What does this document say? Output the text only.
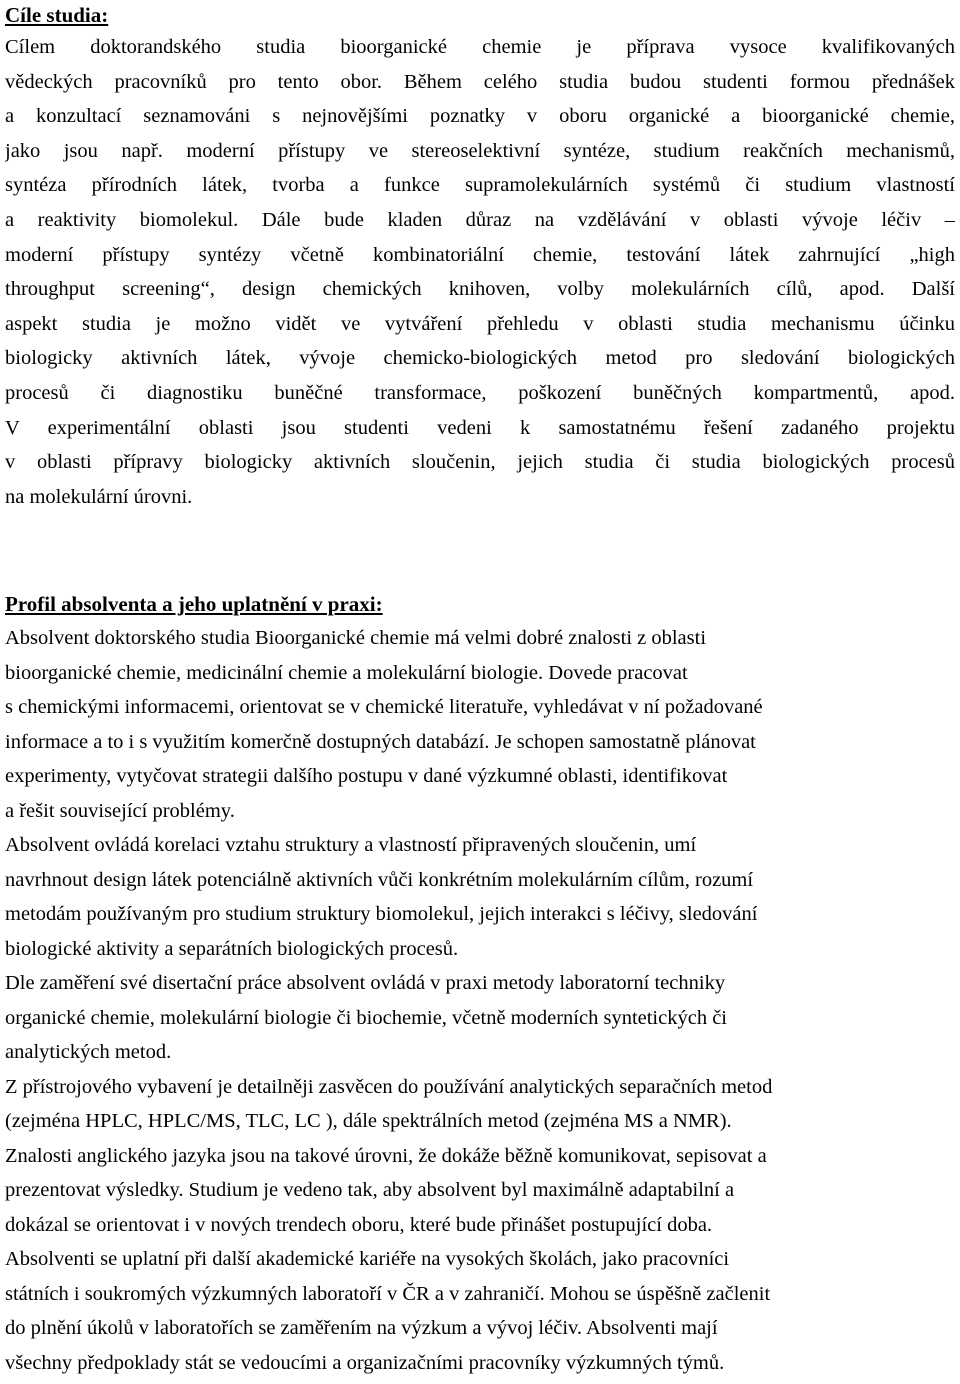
Cíle studia:

Cílem doktorandského studia bioorganické chemie je příprava vysoce kvalifikovaných

vědeckých pracovníků pro tento obor. Během celého studia budou studenti formou přednášek

a konzultací seznamováni s nejnovějšími poznatky v oboru organické a bioorganické chemie,

jako jsou např. moderní přístupy ve stereoselektivní syntéze, studium reakčních mechanismů,

syntéza přírodních látek, tvorba a funkce supramolekulárních systémů či studium vlastností

a reaktivity biomolekul. Dále bude kladen důraz na vzdělávání v oblasti vývoje léčiv –

moderní přístupy syntézy včetně kombinatoriální chemie, testování látek zahrnující „high

throughput screening“, design chemických knihoven, volby molekulárních cílů, apod. Další

aspekt studia je možno vidět ve vytváření přehledu v oblasti studia mechanismu účinku

biologicky aktivních látek, vývoje chemicko-biologických metod pro sledování biologických

procesů či diagnostiku buněčné transformace, poškození buněčných kompartmentů, apod.

V experimentální oblasti jsou studenti vedeni k samostatnému řešení zadaného projektu

v oblasti přípravy biologicky aktivních sloučenin, jejich studia či studia biologických procesů

na molekulární úrovni.

Profil absolventa a jeho uplatnění v praxi:

Absolvent doktorského studia Bioorganické chemie má velmi dobré znalosti z oblasti

bioorganické chemie, medicinální chemie a molekulární biologie. Dovede pracovat

s chemickými informacemi, orientovat se v chemické literatuře, vyhledávat v ní požadované

informace a to i s využitím komerčně dostupných databází. Je schopen samostatně plánovat

experimenty, vytyčovat strategii dalšího postupu v dané výzkumné oblasti, identifikovat

a řešit související problémy.

Absolvent ovládá korelaci vztahu struktury a vlastností připravených sloučenin, umí

navrhnout design látek potenciálně aktivních vůči konkrétním molekulárním cílům, rozumí

metodám používaným pro studium struktury biomolekul, jejich interakci s léčivy, sledování

biologické aktivity a separátních biologických procesů.

Dle zaměření své disertační práce absolvent ovládá v praxi metody laboratorní techniky

organické chemie, molekulární biologie či biochemie, včetně moderních syntetických či

analytických metod.

Z přístrojového vybavení je detailněji zasvěcen do používání analytických separačních metod

(zejména HPLC, HPLC/MS, TLC, LC ), dále spektrálních metod (zejména MS a NMR).

Znalosti anglického jazyka jsou na takové úrovni, že dokáže běžně komunikovat, sepisovat a

prezentovat výsledky. Studium je vedeno tak, aby absolvent byl maximálně adaptabilní a

dokázal se orientovat i v nových trendech oboru, které bude přinášet postupující doba.

Absolventi se uplatní při další akademické kariéře na vysokých školách, jako pracovníci

státních i soukromých výzkumných laboratoří v ČR a v zahraničí. Mohou se úspěšně začlenit

do plnění úkolů v laboratořích se zaměřením na výzkum a vývoj léčiv. Absolventi mají

všechny předpoklady stát se vedoucími a organizačními pracovníky výzkumných týmů.
